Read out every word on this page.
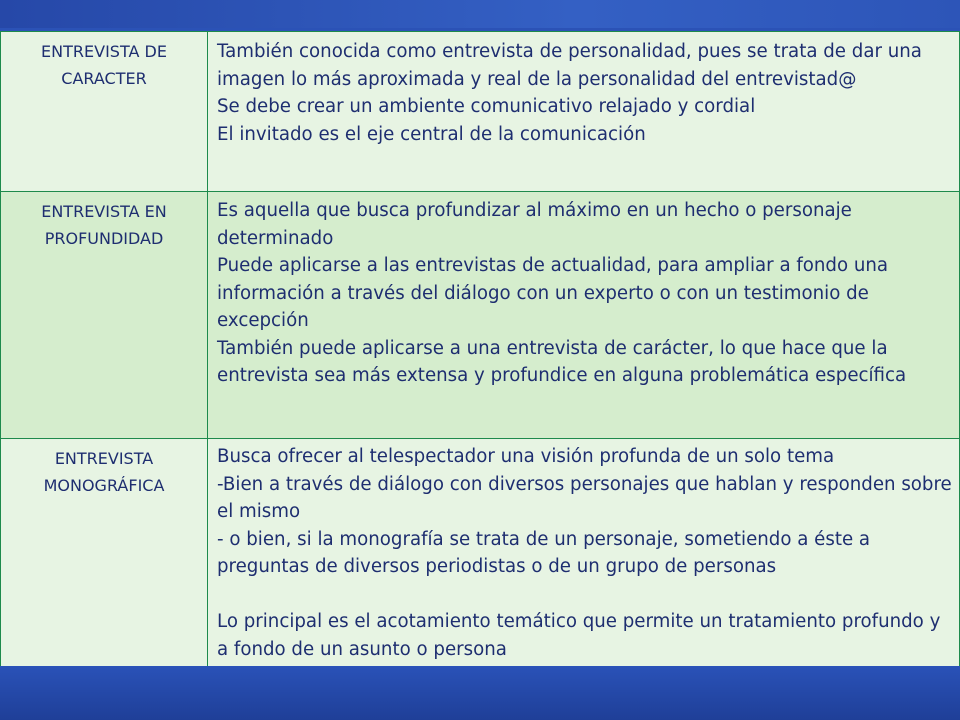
ENTREVISTA DE CARACTER	También conocida como entrevista de personalidad, pues se trata de dar una imagen lo más aproximada y real de la personalidad del entrevistad@
Se debe crear un ambiente comunicativo relajado y cordial
El invitado es el eje central de la comunicación

ENTREVISTA EN PROFUNDIDAD	Es aquella que busca profundizar al máximo en un hecho o personaje determinado
Puede aplicarse a las entrevistas de actualidad, para ampliar a fondo una información a través del diálogo con un experto o con un testimonio de excepción
También puede aplicarse a una entrevista de carácter, lo que hace que la entrevista sea más extensa y profundice en alguna problemática específica

ENTREVISTA MONOGRÁFICA	Busca ofrecer al telespectador una visión profunda de un solo tema
-Bien a través de diálogo con diversos personajes que hablan y responden sobre el mismo
- o bien, si la monografía se trata de un personaje, sometiendo a éste a preguntas de diversos periodistas o de un grupo de personas
Lo principal es el acotamiento temático que permite un tratamiento profundo y a fondo de un asunto o persona
